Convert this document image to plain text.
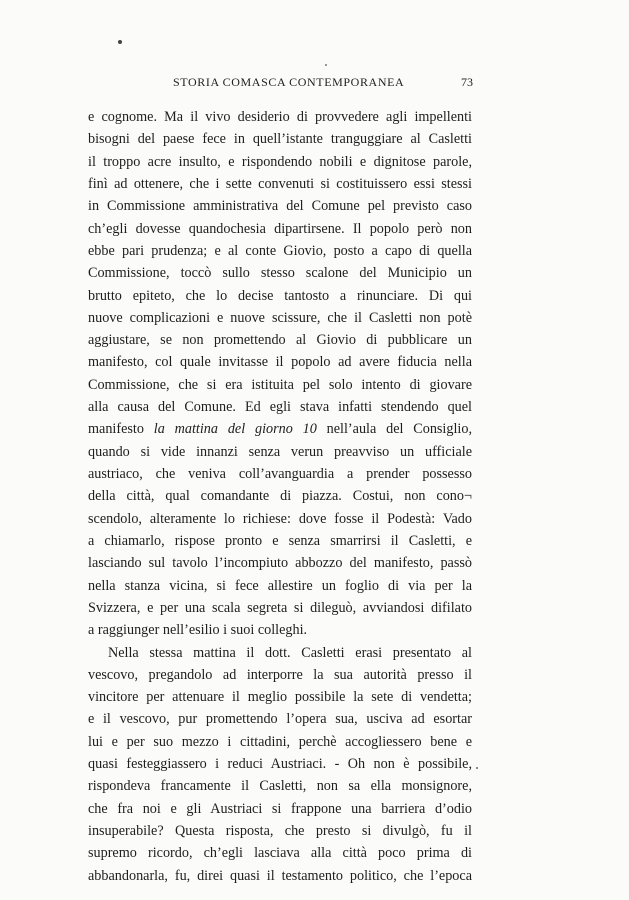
STORIA COMASCA CONTEMPORANEA	73
e cognome. Ma il vivo desiderio di provvedere agli impellenti
bisogni del paese fece in quell’istante tranguggiare al Casletti
il troppo acre insulto, e rispondendo nobili e dignitose parole,
finì ad ottenere, che i sette convenuti si costituissero essi stessi
in Commissione amministrativa del Comune pel previsto caso
ch’egli dovesse quandochesia dipartirsene. Il popolo però non
ebbe pari prudenza; e al conte Giovio, posto a capo di quella
Commissione, toccò sullo stesso scalone del Municipio un
brutto epiteto, che lo decise tantosto a rinunciare. Di qui
nuove complicazioni e nuove scissure, che il Casletti non potè
aggiustare, se non promettendo al Giovio di pubblicare un
manifesto, col quale invitasse il popolo ad avere fiducia nella
Commissione, che si era istituita pel solo intento di giovare
alla causa del Comune. Ed egli stava infatti stendendo quel
manifesto la mattina del giorno 10 nell’aula del Consiglio,
quando si vide innanzi senza verun preavviso un ufficiale
austriaco, che veniva coll’avanguardia a prender possesso
della città, qual comandante di piazza. Costui, non cono¬
scendolo, alteramente lo richiese: dove fosse il Podestà: Vado
a chiamarlo, rispose pronto e senza smarrirsi il Casletti, e
lasciando sul tavolo l’incompiuto abbozzo del manifesto, passò
nella stanza vicina, si fece allestire un foglio di via per la
Svizzera, e per una scala segreta si dileguò, avviandosi difilato
a raggiunger nell’esilio i suoi colleghi.
Nella stessa mattina il dott. Casletti erasi presentato al
vescovo, pregandolo ad interporre la sua autorità presso il
vincitore per attenuare il meglio possibile la sete di vendetta;
e il vescovo, pur promettendo l’opera sua, usciva ad esortar
lui e per suo mezzo i cittadini, perchè accogliessero bene e
quasi festeggiassero i reduci Austriaci. - Oh non è possibile,
rispondeva francamente il Casletti, non sa ella monsignore,
che fra noi e gli Austriaci si frappone una barriera d’odio
insuperabile? Questa risposta, che presto si divulgò, fu il
supremo ricordo, ch’egli lasciava alla città poco prima di
abbandonarla, fu, direi quasi il testamento politico, che l’epoca
